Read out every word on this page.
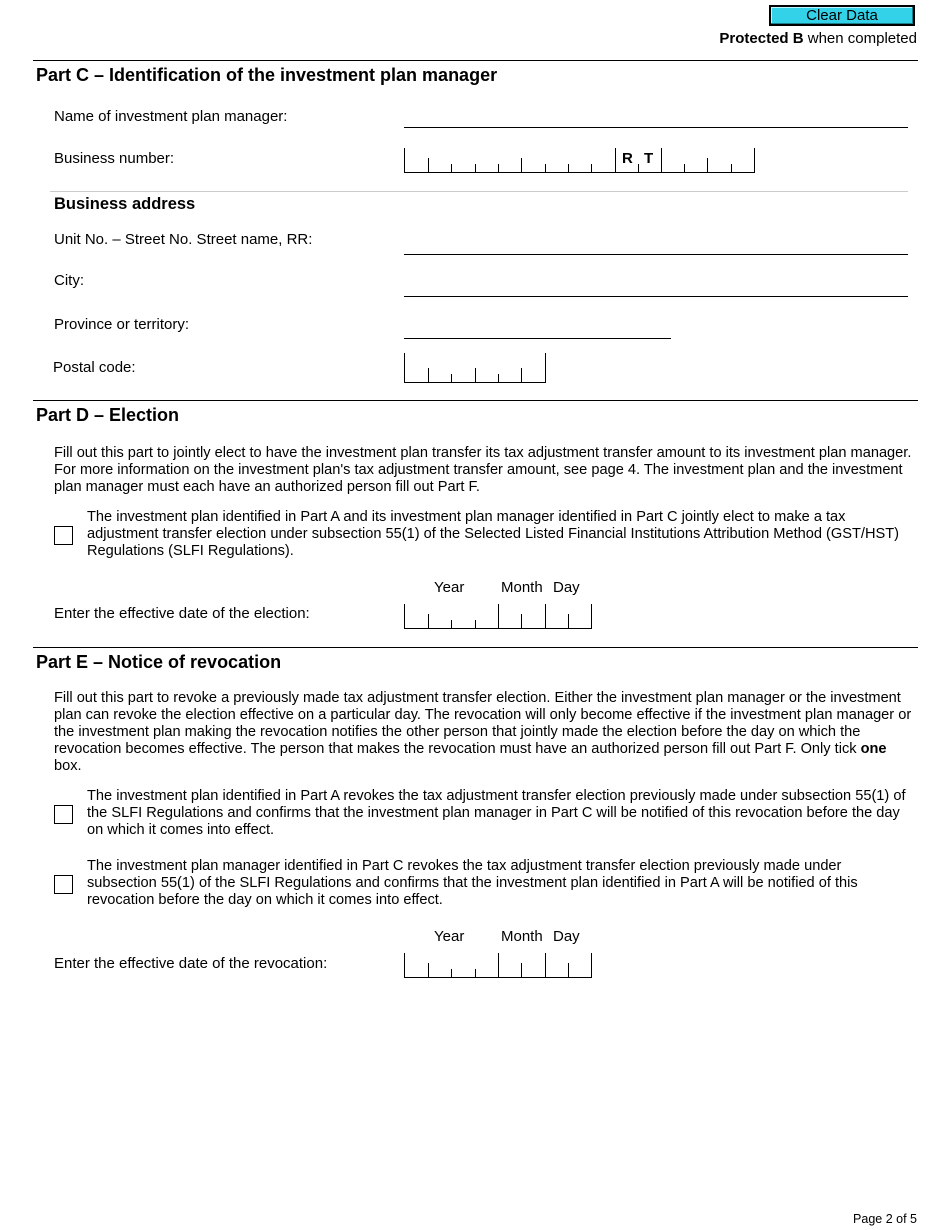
Clear Data
Protected B when completed
Part C – Identification of the investment plan manager
Name of investment plan manager:
Business number:	R T
Business address
Unit No. – Street No. Street name, RR:
City:
Province or territory:
Postal code:
Part D – Election
Fill out this part to jointly elect to have the investment plan transfer its tax adjustment transfer amount to its investment plan manager. For more information on the investment plan's tax adjustment transfer amount, see page 4. The investment plan and the investment plan manager must each have an authorized person fill out Part F.
The investment plan identified in Part A and its investment plan manager identified in Part C jointly elect to make a tax adjustment transfer election under subsection 55(1) of the Selected Listed Financial Institutions Attribution Method (GST/HST) Regulations (SLFI Regulations).
Year Month Day
Enter the effective date of the election:
Part E – Notice of revocation
Fill out this part to revoke a previously made tax adjustment transfer election. Either the investment plan manager or the investment plan can revoke the election effective on a particular day. The revocation will only become effective if the investment plan manager or the investment plan making the revocation notifies the other person that jointly made the election before the day on which the revocation becomes effective. The person that makes the revocation must have an authorized person fill out Part F. Only tick one box.
The investment plan identified in Part A revokes the tax adjustment transfer election previously made under subsection 55(1) of the SLFI Regulations and confirms that the investment plan manager in Part C will be notified of this revocation before the day on which it comes into effect.
The investment plan manager identified in Part C revokes the tax adjustment transfer election previously made under subsection 55(1) of the SLFI Regulations and confirms that the investment plan identified in Part A will be notified of this revocation before the day on which it comes into effect.
Year Month Day
Enter the effective date of the revocation:
Page 2 of 5
